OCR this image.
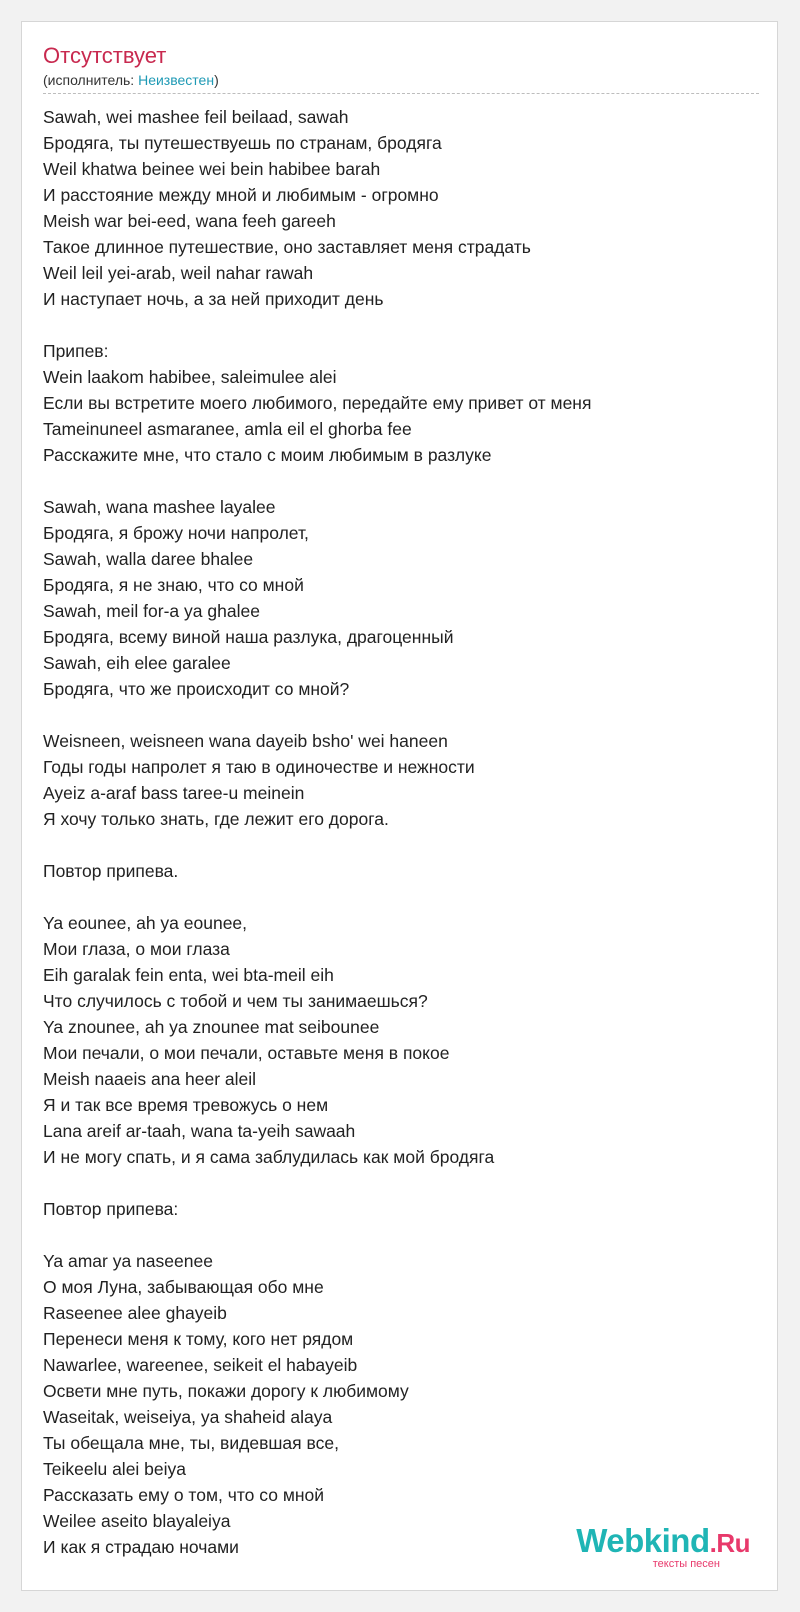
Отсутствует
(исполнитель: Неизвестен)
Sawah, wei mashee feil beilaad, sawah
Бродяга, ты путешествуешь по странам, бродяга
Weil khatwa beinee wei bein habibee barah
И расстояние между мной и любимым - огромно
Meish war bei-eed, wana feeh gareeh
Такое длинное путешествие, оно заставляет меня страдать
Weil leil yei-arab, weil nahar rawah
И наступает ночь, а за ней приходит день
Припев:
Wein laakom habibee, saleimulee alei
Если вы встретите моего любимого, передайте ему привет от меня
Tameinuneel asmaranee, amla eil el ghorba fee
Расскажите мне, что стало с моим любимым в разлуке
Sawah, wana mashee layalee
Бродяга, я брожу ночи напролет,
Sawah, walla daree bhalee
Бродяга, я не знаю, что со мной
Sawah, meil for-a ya ghalee
Бродяга, всему виной наша разлука, драгоценный
Sawah, eih elee garalee
Бродяга, что же происходит со мной?
Weisneen, weisneen wana dayeib bsho' wei haneen
Годы годы напролет я таю в одиночестве и нежности
Ayeiz a-araf bass taree-u meinein
Я хочу только знать, где лежит его дорога.
Повтор припева.
Ya eounee, ah ya eounee,
Мои глаза, о мои глаза
Eih garalak fein enta, wei bta-meil eih
Что случилось с тобой и чем ты занимаешься?
Ya znounee, ah ya znounee mat seibounee
Мои печали, о мои печали, оставьте меня в покое
Meish naaeis ana heer aleil
Я и так все время тревожусь о нем
Lana areif ar-taah, wana ta-yeih sawaah
И не могу спать, и я сама заблудилась как мой бродяга
Повтор припева:
Ya amar ya naseenee
О моя Луна, забывающая обо мне
Raseenee alee ghayeib
Перенеси меня к тому, кого нет рядом
Nawarlee, wareenee, seikeit el habayeib
Освети мне путь, покажи дорогу к любимому
Waseitak, weiseiya, ya shaheid alaya
Ты обещала мне, ты, видевшая все,
Teikeelu alei beiya
Рассказать ему о том, что со мной
Weilee aseito blayaleiya
И как я страдаю ночами	Webkind.Ru
тексты песен
